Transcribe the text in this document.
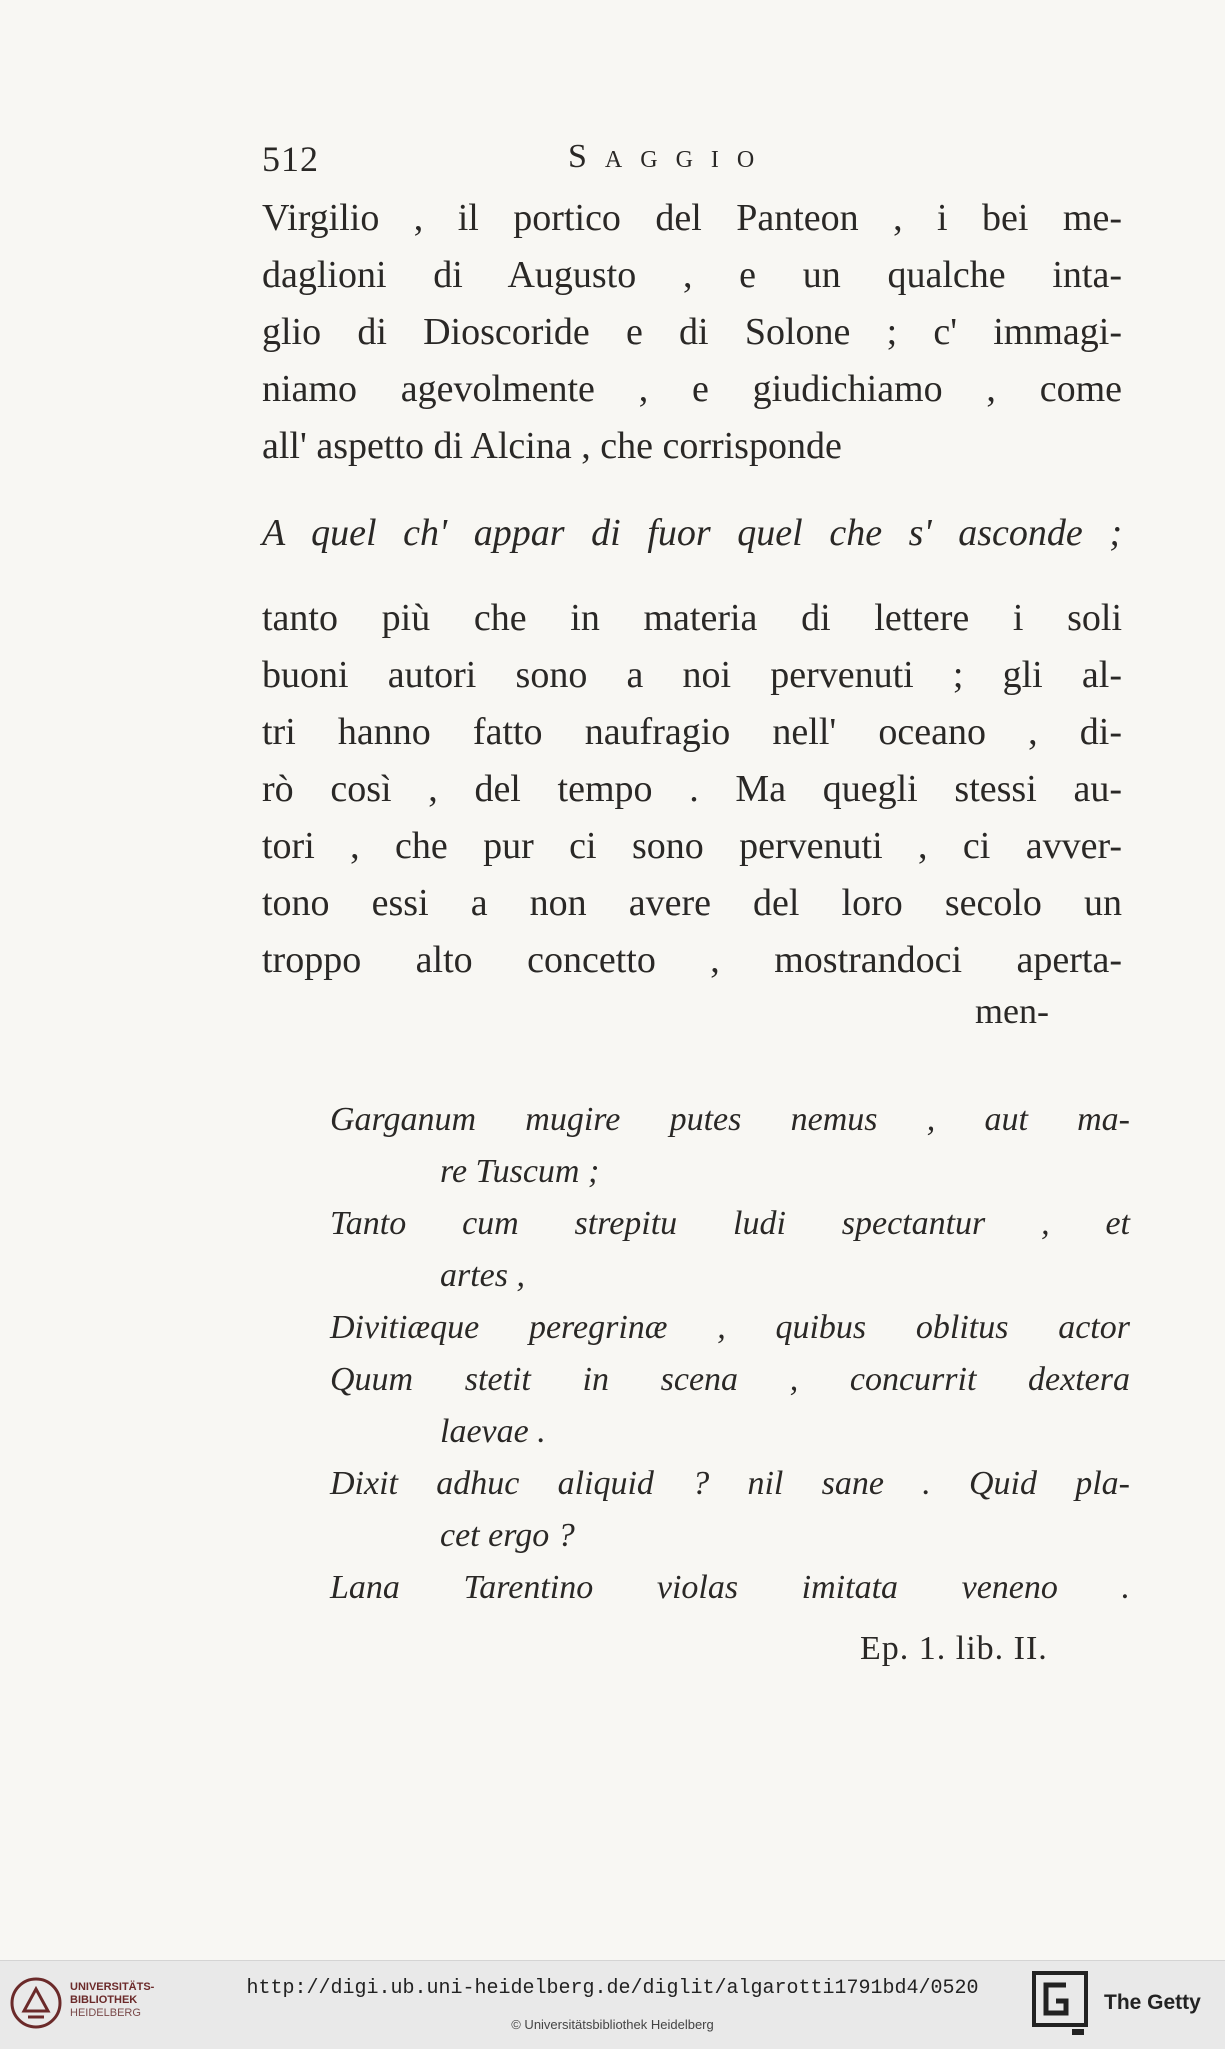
512	Saggio
Virgilio , il portico del Panteon , i bei me-
daglioni di Augusto , e un qualche inta-
glio di Dioscoride e di Solone ; c' immagi-
niamo agevolmente , e giudichiamo , come
all' aspetto di Alcina , che corrisponde
A quel ch' appar di fuor quel che s' asconde ;
tanto più che in materia di lettere i soli
buoni autori sono a noi pervenuti ; gli al-
tri hanno fatto naufragio nell' oceano , di-
rò così , del tempo . Ma quegli stessi au-
tori , che pur ci sono pervenuti , ci avver-
tono essi a non avere del loro secolo un
troppo alto concetto , mostrandoci aperta-
men-
Garganum mugire putes nemus , aut ma-
re Tuscum ;
Tanto cum strepitu ludi spectantur , et
artes ,
Divitiæque peregrinæ , quibus oblitus actor
Quum stetit in scena , concurrit dextera
laevae .
Dixit adhuc aliquid ? nil sane . Quid pla-
cet ergo ?
Lana Tarentino violas imitata veneno .
Ep. 1. lib. II.
UNIVERSITÄTS-
BIBLIOTHEK
HEIDELBERG
http://digi.ub.uni-heidelberg.de/diglit/algarotti1791bd4/0520
© Universitätsbibliothek Heidelberg
The Getty
